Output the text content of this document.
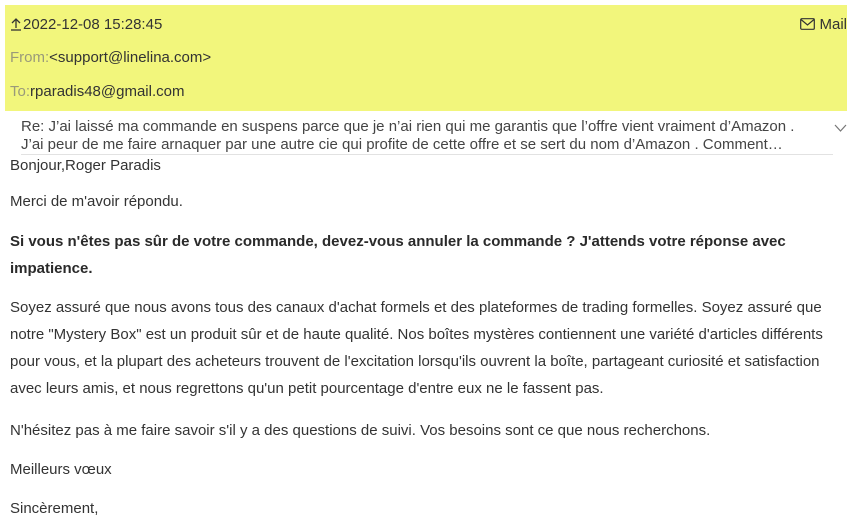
2022-12-08 15:28:45	Mail
From:<support@linelina.com>
To:rparadis48@gmail.com
Re: J’ai laissé ma commande en suspens parce que je n’ai rien qui me garantis que l’offre vient vraiment d’Amazon .
J’ai peur de me faire arnaquer par une autre cie qui profite de cette offre et se sert du nom d’Amazon . Comment…

Bonjour,Roger Paradis

Merci de m'avoir répondu.

Si vous n'êtes pas sûr de votre commande, devez-vous annuler la commande ? J'attends votre réponse avec impatience.

Soyez assuré que nous avons tous des canaux d'achat formels et des plateformes de trading formelles. Soyez assuré que notre "Mystery Box" est un produit sûr et de haute qualité. Nos boîtes mystères contiennent une variété d'articles différents pour vous, et la plupart des acheteurs trouvent de l'excitation lorsqu'ils ouvrent la boîte, partageant curiosité et satisfaction avec leurs amis, et nous regrettons qu'un petit pourcentage d'entre eux ne le fassent pas.

N'hésitez pas à me faire savoir s'il y a des questions de suivi. Vos besoins sont ce que nous recherchons.

Meilleurs vœux

Sincèrement,
